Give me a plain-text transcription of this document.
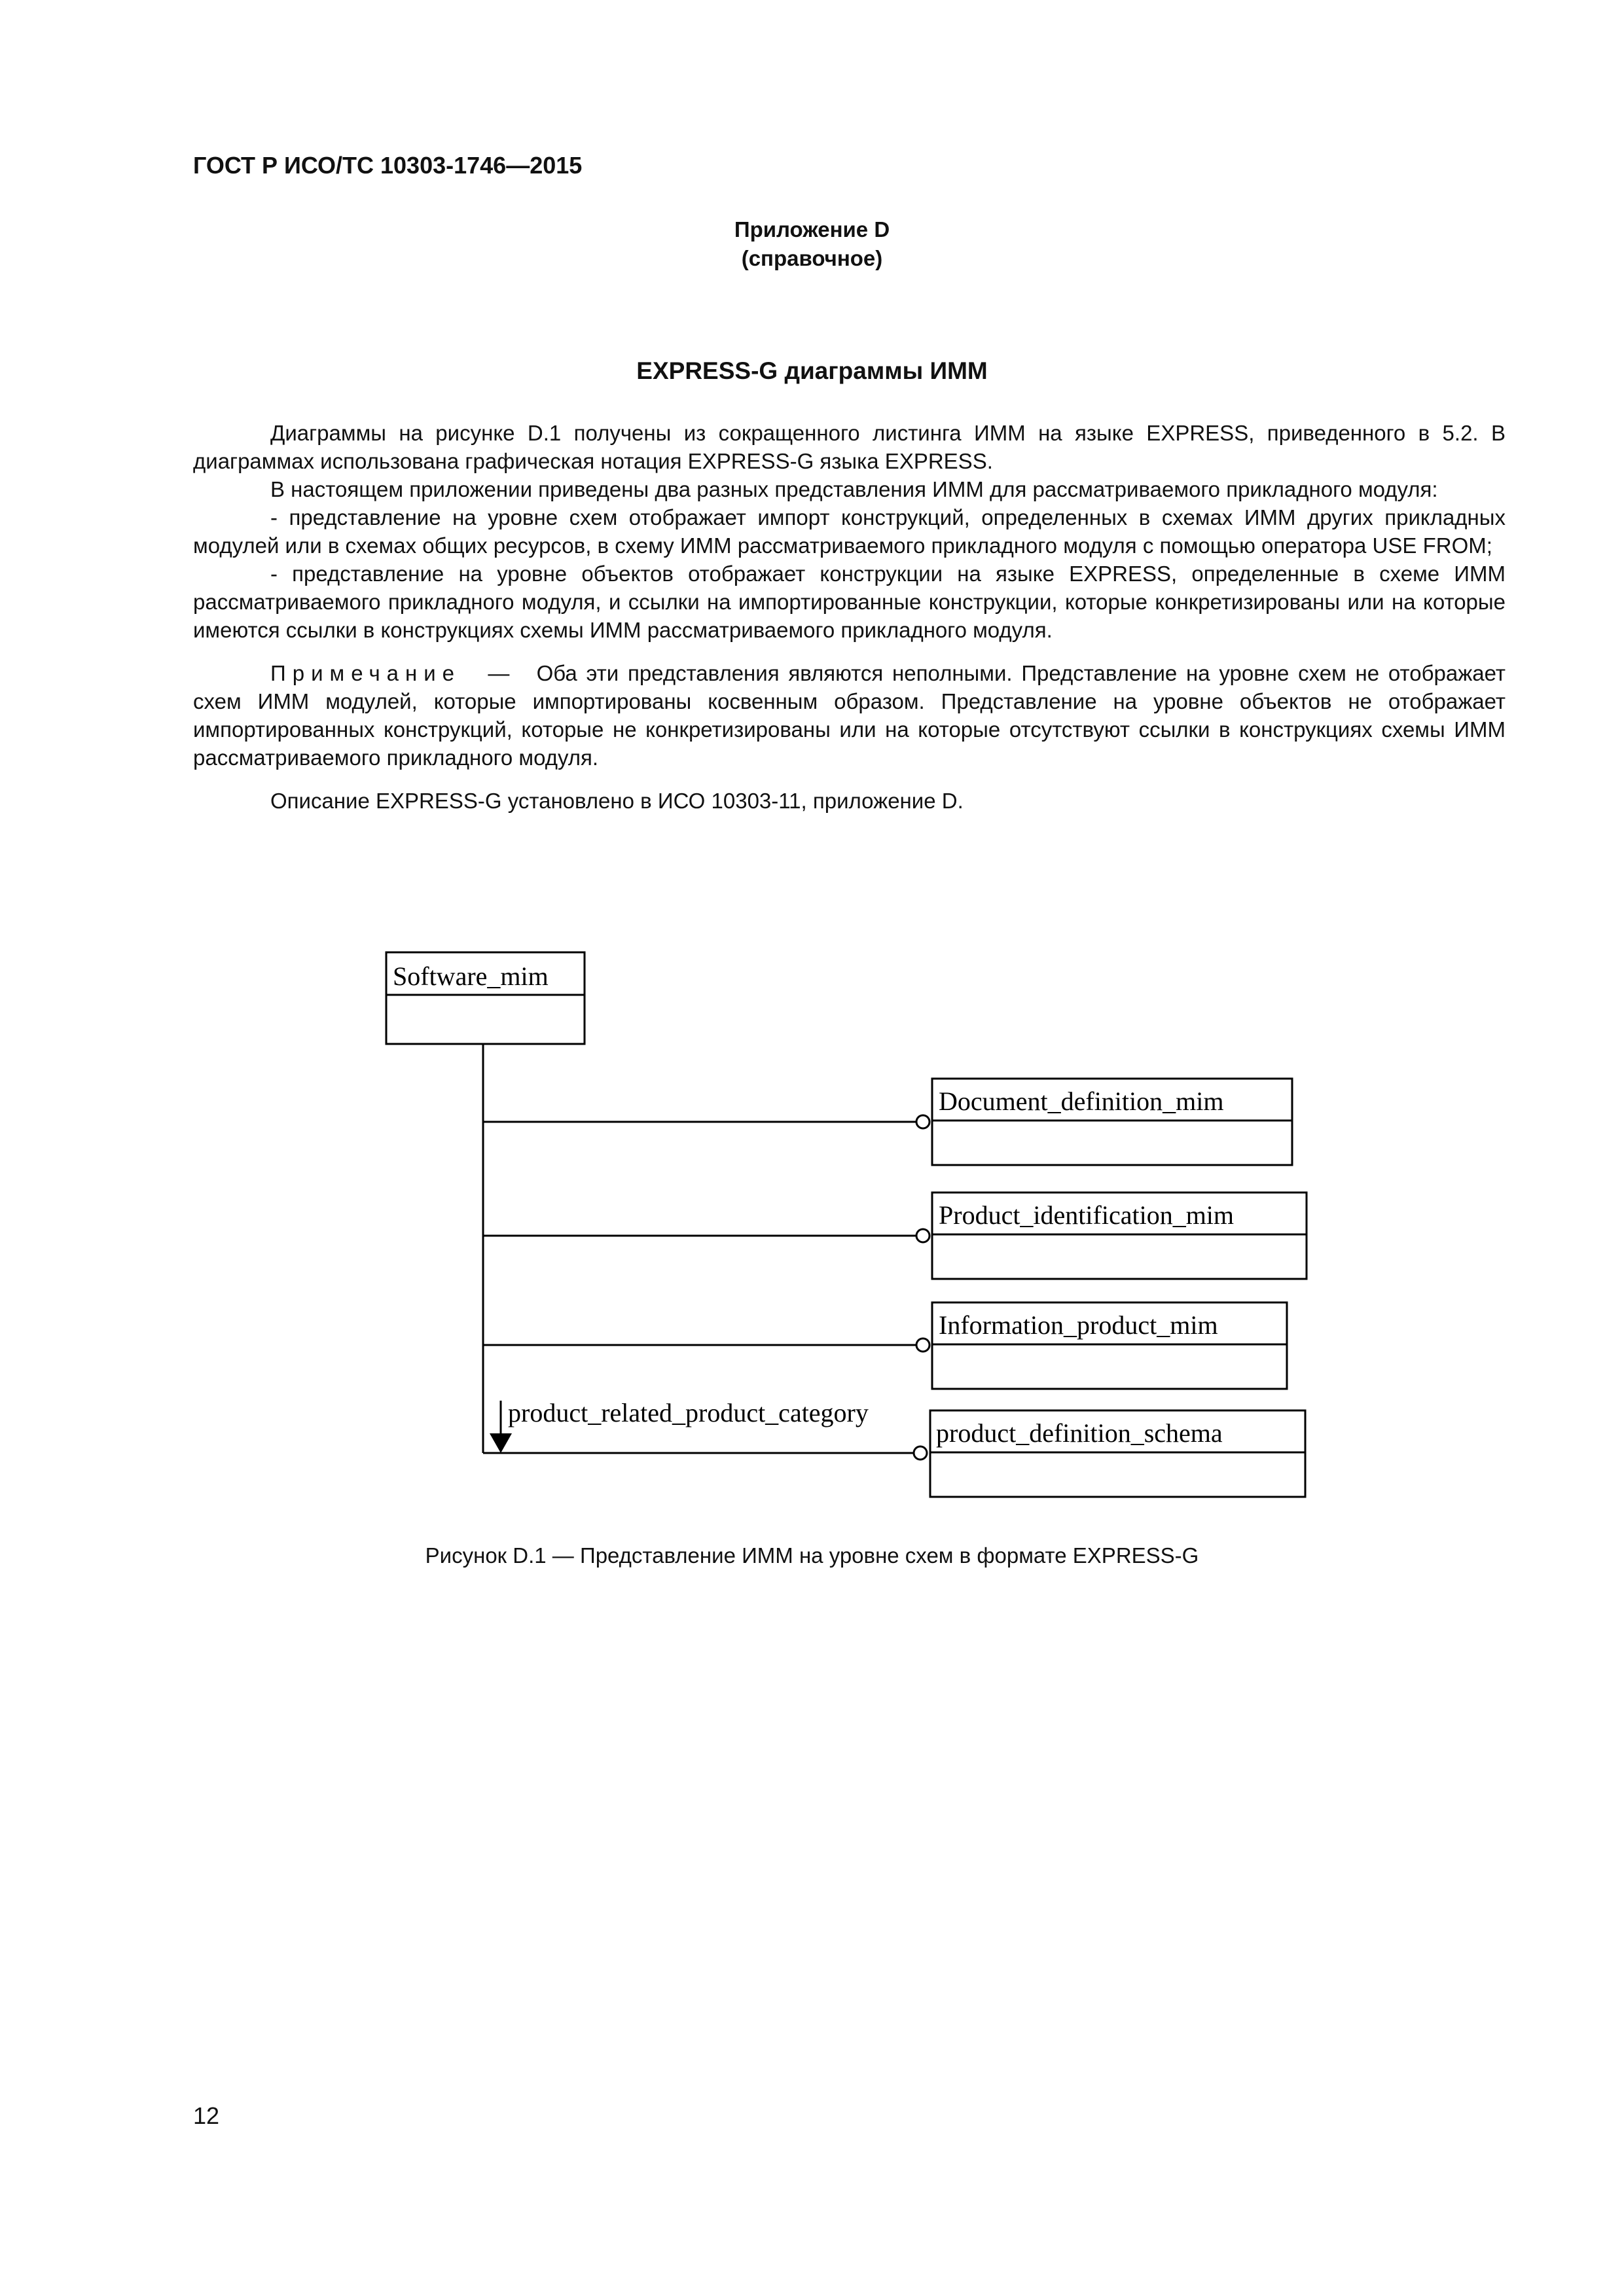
ГОСТ Р ИСО/ТС 10303-1746—2015
Приложение D
(справочное)
EXPRESS-G диаграммы ИММ

Диаграммы на рисунке D.1 получены из сокращенного листинга ИММ на языке EXPRESS, приведенного в 5.2. В диаграммах использована графическая нотация EXPRESS-G языка EXPRESS.

В настоящем приложении приведены два разных представления ИММ для рассматриваемого прикладного модуля:

- представление на уровне схем отображает импорт конструкций, определенных в схемах ИММ других прикладных модулей или в схемах общих ресурсов, в схему ИММ рассматриваемого прикладного модуля с помощью оператора USE FROM;

- представление на уровне объектов отображает конструкции на языке EXPRESS, определенные в схеме ИММ рассматриваемого прикладного модуля, и ссылки на импортированные конструкции, которые конкретизированы или на которые имеются ссылки в конструкциях схемы ИММ рассматриваемого прикладного модуля.

Примечание — Оба эти представления являются неполными. Представление на уровне схем не отображает схем ИММ модулей, которые импортированы косвенным образом. Представление на уровне объектов не отображает импортированных конструкций, которые не конкретизированы или на которые отсутствуют ссылки в конструкциях схемы ИММ рассматриваемого прикладного модуля.

Описание EXPRESS-G установлено в ИСО 10303-11, приложение D.

Software_mim
Document_definition_mim
Product_identification_mim
Information_product_mim
product_definition_schema
product_related_product_category
Рисунок D.1 — Представление ИММ на уровне схем в формате EXPRESS-G
12
